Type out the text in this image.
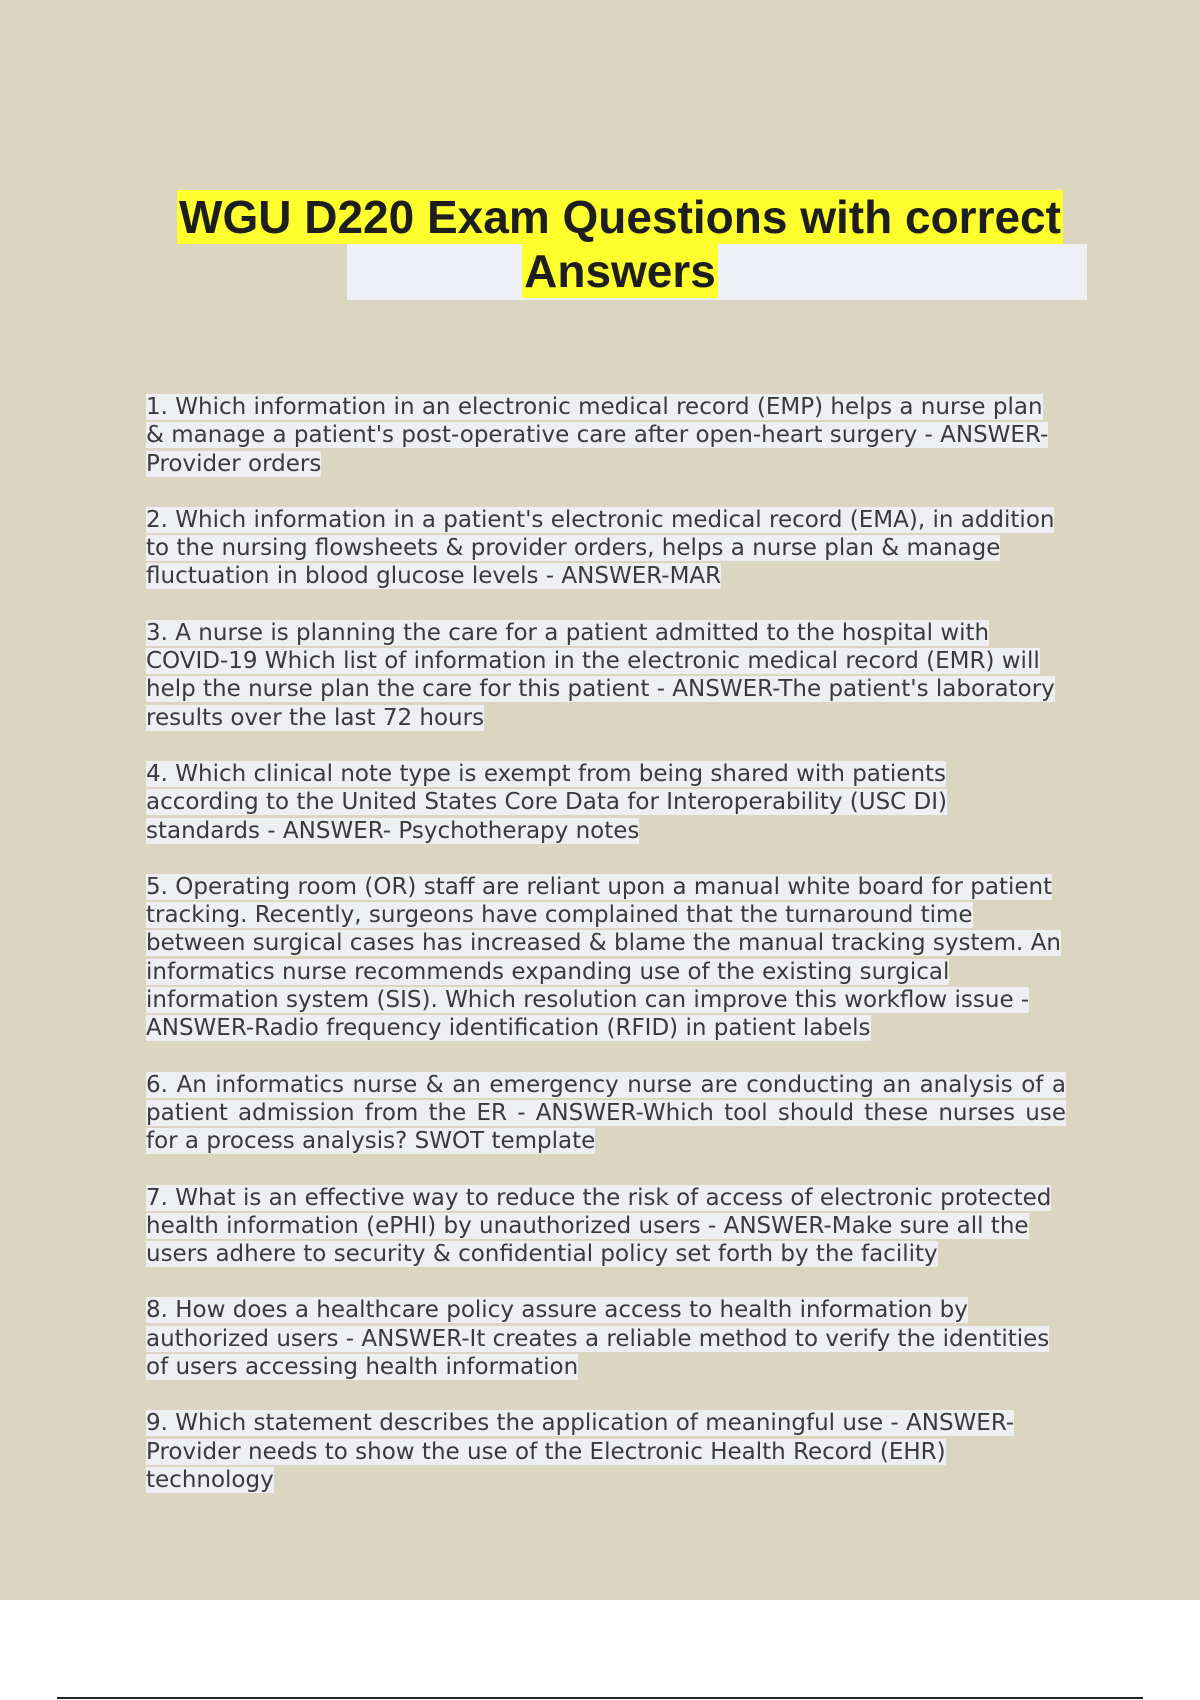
WGU D220 Exam Questions with correct
Answers
1. Which information in an electronic medical record (EMP) helps a nurse plan & manage a patient's post-operative care after open-heart surgery - ANSWER-Provider orders
2. Which information in a patient's electronic medical record (EMA), in addition to the nursing flowsheets & provider orders, helps a nurse plan & manage fluctuation in blood glucose levels - ANSWER-MAR
3. A nurse is planning the care for a patient admitted to the hospital with COVID-19 Which list of information in the electronic medical record (EMR) will help the nurse plan the care for this patient - ANSWER-The patient's laboratory results over the last 72 hours
4. Which clinical note type is exempt from being shared with patients according to the United States Core Data for Interoperability (USC DI) standards - ANSWER- Psychotherapy notes
5. Operating room (OR) staff are reliant upon a manual white board for patient tracking. Recently, surgeons have complained that the turnaround time between surgical cases has increased & blame the manual tracking system. An informatics nurse recommends expanding use of the existing surgical information system (SIS). Which resolution can improve this workflow issue - ANSWER-Radio frequency identification (RFID) in patient labels
6. An informatics nurse & an emergency nurse are conducting an analysis of a patient admission from the ER - ANSWER-Which tool should these nurses use for a process analysis? SWOT template
7. What is an effective way to reduce the risk of access of electronic protected health information (ePHI) by unauthorized users - ANSWER-Make sure all the users adhere to security & confidential policy set forth by the facility
8. How does a healthcare policy assure access to health information by authorized users - ANSWER-It creates a reliable method to verify the identities of users accessing health information
9. Which statement describes the application of meaningful use - ANSWER-Provider needs to show the use of the Electronic Health Record (EHR) technology
